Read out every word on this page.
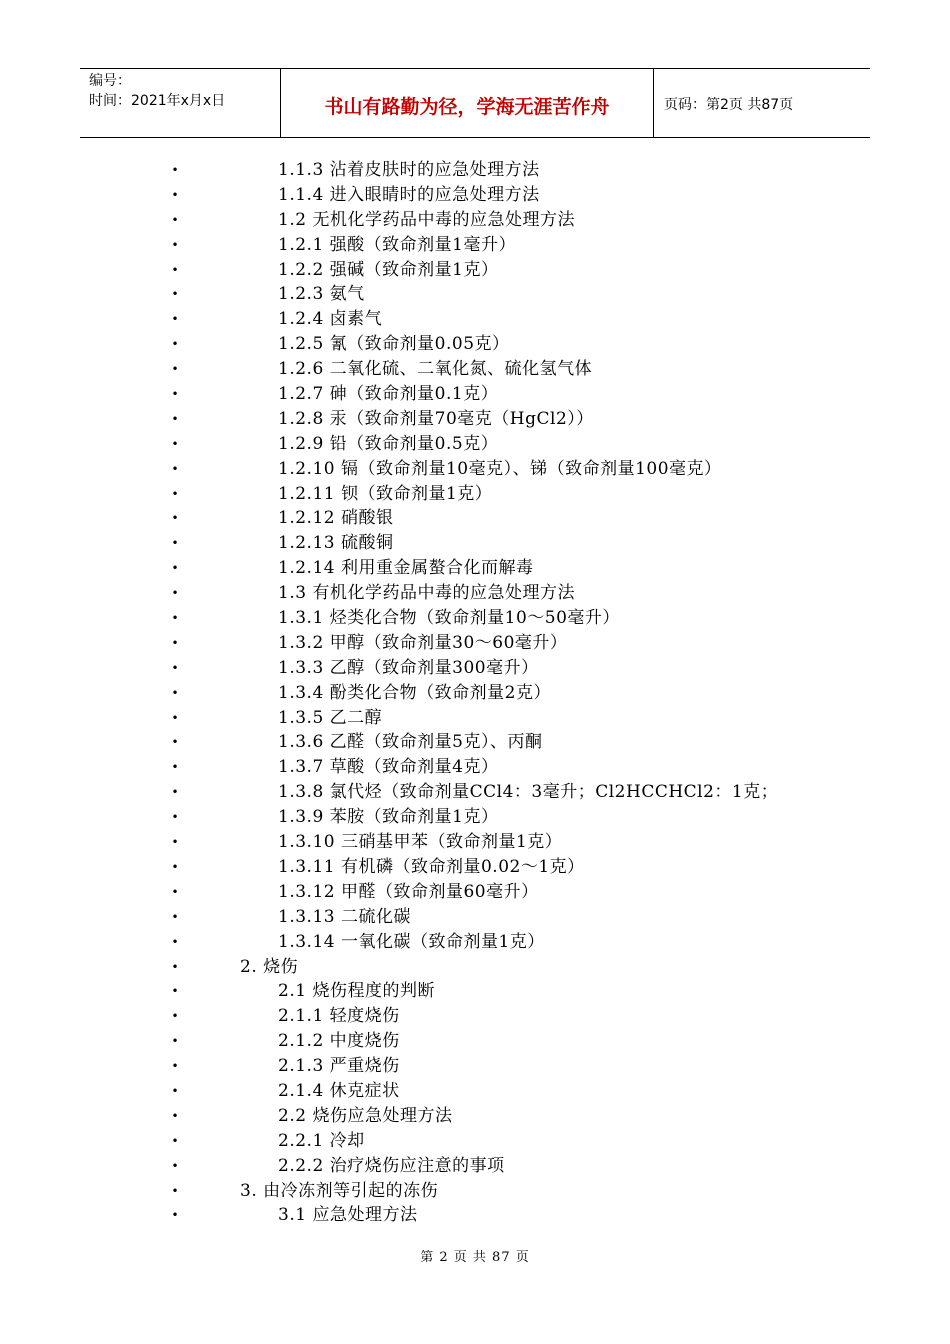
编号：
时间：2021年x月x日	书山有路勤为径，学海无涯苦作舟	页码：第2页 共87页
•	1.1.3 沾着皮肤时的应急处理方法
•	1.1.4 进入眼睛时的应急处理方法
•	1.2 无机化学药品中毒的应急处理方法
•	1.2.1 强酸（致命剂量1毫升）
•	1.2.2 强碱（致命剂量1克）
•	1.2.3 氨气
•	1.2.4 卤素气
•	1.2.5 氰（致命剂量0.05克）
•	1.2.6 二氧化硫、二氧化氮、硫化氢气体
•	1.2.7 砷（致命剂量0.1克）
•	1.2.8 汞（致命剂量70毫克（HgCl2））
•	1.2.9 铅（致命剂量0.5克）
•	1.2.10 镉（致命剂量10毫克）、锑（致命剂量100毫克）
•	1.2.11 钡（致命剂量1克）
•	1.2.12 硝酸银
•	1.2.13 硫酸铜
•	1.2.14 利用重金属螯合化而解毒
•	1.3 有机化学药品中毒的应急处理方法
•	1.3.1 烃类化合物（致命剂量10～50毫升）
•	1.3.2 甲醇（致命剂量30～60毫升）
•	1.3.3 乙醇（致命剂量300毫升）
•	1.3.4 酚类化合物（致命剂量2克）
•	1.3.5 乙二醇
•	1.3.6 乙醛（致命剂量5克）、丙酮
•	1.3.7 草酸（致命剂量4克）
•	1.3.8 氯代烃（致命剂量CCl4：3毫升；Cl2HCCHCl2：1克；
•	1.3.9 苯胺（致命剂量1克）
•	1.3.10 三硝基甲苯（致命剂量1克）
•	1.3.11 有机磷（致命剂量0.02～1克）
•	1.3.12 甲醛（致命剂量60毫升）
•	1.3.13 二硫化碳
•	1.3.14 一氧化碳（致命剂量1克）
•	2. 烧伤
•	2.1 烧伤程度的判断
•	2.1.1 轻度烧伤
•	2.1.2 中度烧伤
•	2.1.3 严重烧伤
•	2.1.4 休克症状
•	2.2 烧伤应急处理方法
•	2.2.1 冷却
•	2.2.2 治疗烧伤应注意的事项
•	3. 由冷冻剂等引起的冻伤
•	3.1 应急处理方法
第 2 页 共 87 页
